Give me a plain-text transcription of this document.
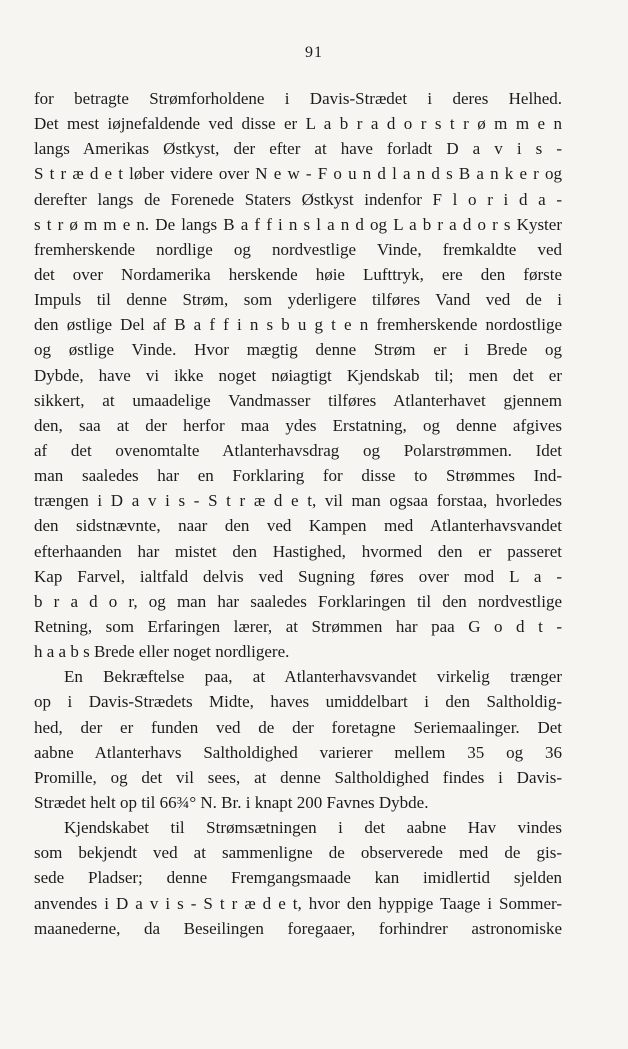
91
for betragte Strømforholdene i Davis-Strædet i deres Helhed.
Det mest iøjnefaldende ved disse er L a b r a d o r s t r ø m m e n
langs Amerikas Østkyst, der efter at have forladt D a v i s -
S t r æ d e t løber videre over N e w - F o u n d l a n d s B a n k e r og
derefter langs de Forenede Staters Østkyst indenfor F l o r i d a -
s t r ø m m e n. De langs B a f f i n s l a n d og L a b r a d o r s Kyster
fremherskende nordlige og nordvestlige Vinde, fremkaldte ved
det over Nordamerika herskende høie Lufttryk, ere den første
Impuls til denne Strøm, som yderligere tilføres Vand ved de i
den østlige Del af B a f f i n s b u g t e n fremherskende nordostlige
og østlige Vinde. Hvor mægtig denne Strøm er i Brede og
Dybde, have vi ikke noget nøiagtigt Kjendskab til; men det er
sikkert, at umaadelige Vandmasser tilføres Atlanterhavet gjennem
den, saa at der herfor maa ydes Erstatning, og denne afgives
af det ovenomtalte Atlanterhavsdrag og Polarstrømmen. Idet
man saaledes har en Forklaring for disse to Strømmes Ind-
trængen i D a v i s - S t r æ d e t, vil man ogsaa forstaa, hvorledes
den sidstnævnte, naar den ved Kampen med Atlanterhavsvandet
efterhaanden har mistet den Hastighed, hvormed den er passeret
Kap Farvel, ialtfald delvis ved Sugning føres over mod L a -
b r a d o r, og man har saaledes Forklaringen til den nordvestlige
Retning, som Erfaringen lærer, at Strømmen har paa G o d t -
h a a b s Brede eller noget nordligere.
En Bekræftelse paa, at Atlanterhavsvandet virkelig trænger
op i Davis-Strædets Midte, haves umiddelbart i den Saltholdig-
hed, der er funden ved de der foretagne Seriemaalinger. Det
aabne Atlanterhavs Saltholdighed varierer mellem 35 og 36
Promille, og det vil sees, at denne Saltholdighed findes i Davis-
Strædet helt op til 66¾° N. Br. i knapt 200 Favnes Dybde.
Kjendskabet til Strømsætningen i det aabne Hav vindes
som bekjendt ved at sammenligne de observerede med de gis-
sede Pladser; denne Fremgangsmaade kan imidlertid sjelden
anvendes i D a v i s - S t r æ d e t, hvor den hyppige Taage i Sommer-
maanederne, da Beseilingen foregaaer, forhindrer astronomiske
